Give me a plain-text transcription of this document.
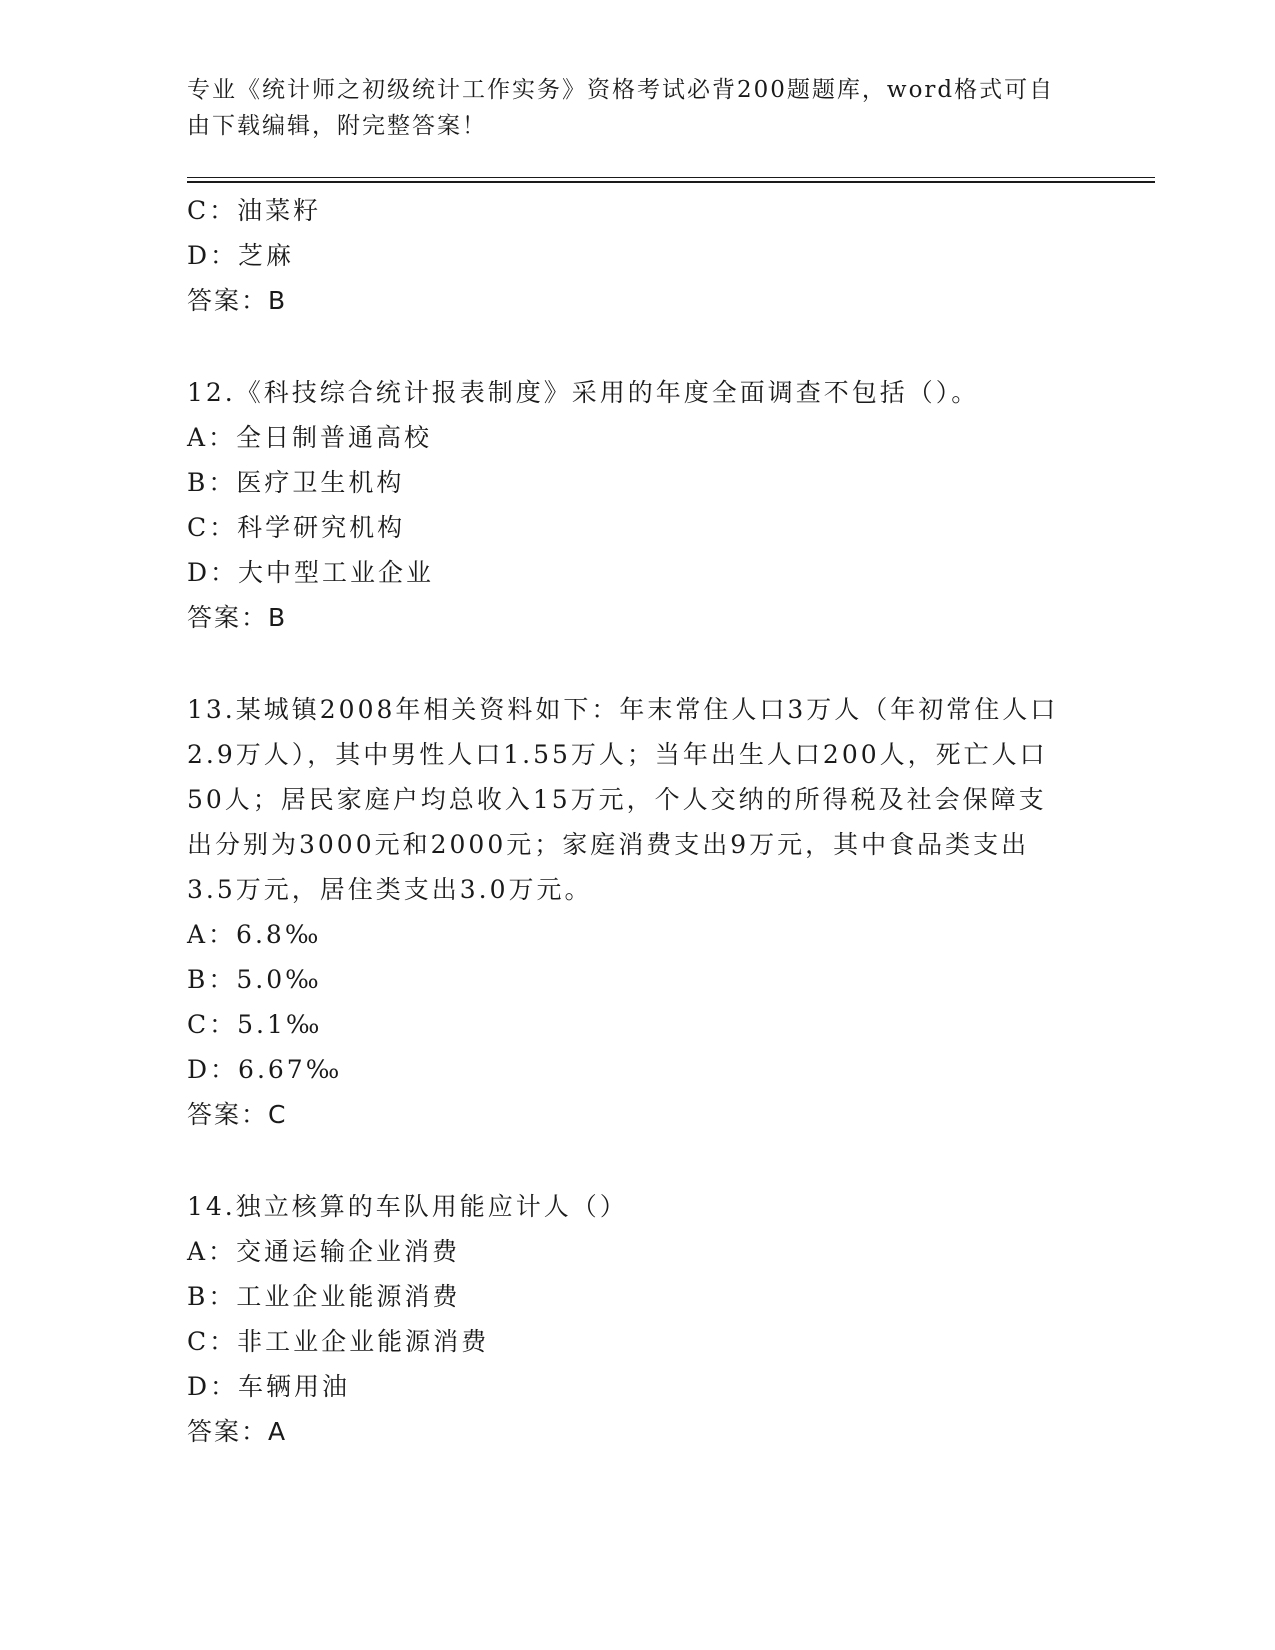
专业《统计师之初级统计工作实务》资格考试必背200题题库，word格式可自由下载编辑，附完整答案！
C：油菜籽
D：芝麻
答案：B
12.《科技综合统计报表制度》采用的年度全面调查不包括（）。
A：全日制普通高校
B：医疗卫生机构
C：科学研究机构
D：大中型工业企业
答案：B
13.某城镇2008年相关资料如下：年末常住人口3万人（年初常住人口2.9万人），其中男性人口1.55万人；当年出生人口200人，死亡人口50人；居民家庭户均总收入15万元，个人交纳的所得税及社会保障支出分别为3000元和2000元；家庭消费支出9万元，其中食品类支出3.5万元，居住类支出3.0万元。
A：6.8‰
B：5.0‰
C：5.1‰
D：6.67‰
答案：C
14.独立核算的车队用能应计人（）
A：交通运输企业消费
B：工业企业能源消费
C：非工业企业能源消费
D：车辆用油
答案：A
